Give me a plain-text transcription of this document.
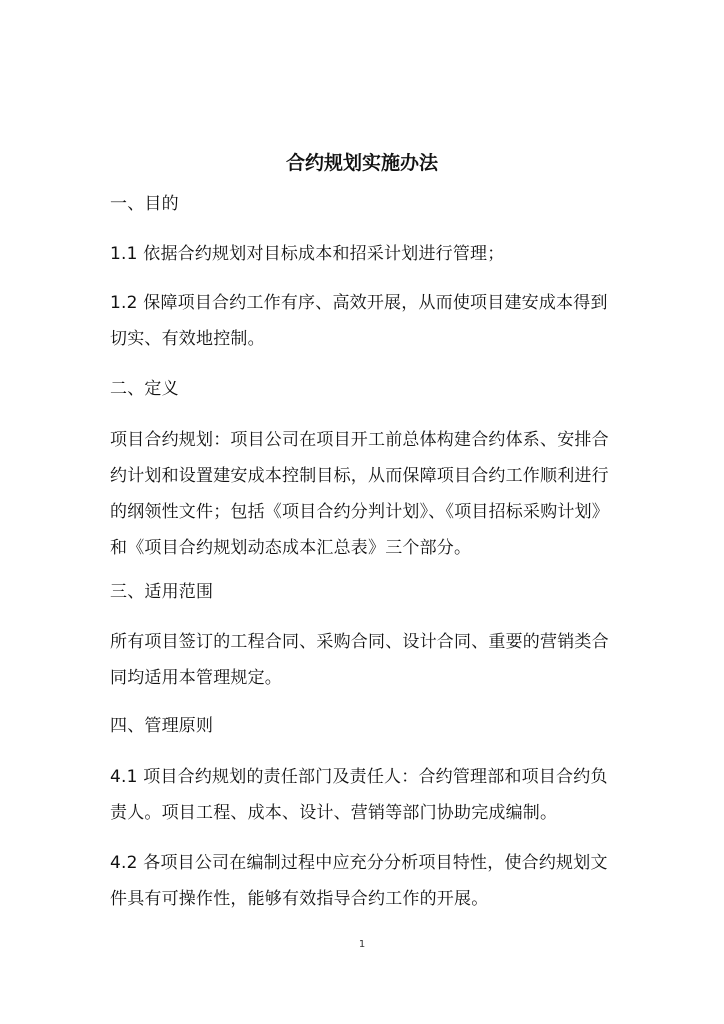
合约规划实施办法

一、目的

1.1 依据合约规划对目标成本和招采计划进行管理；

1.2 保障项目合约工作有序、高效开展，从而使项目建安成本得到切实、有效地控制。

二、定义

项目合约规划：项目公司在项目开工前总体构建合约体系、安排合约计划和设置建安成本控制目标，从而保障项目合约工作顺利进行的纲领性文件；包括《项目合约分判计划》、《项目招标采购计划》和《项目合约规划动态成本汇总表》三个部分。

三、适用范围

所有项目签订的工程合同、采购合同、设计合同、重要的营销类合同均适用本管理规定。

四、管理原则

4.1 项目合约规划的责任部门及责任人：合约管理部和项目合约负责人。项目工程、成本、设计、营销等部门协助完成编制。

4.2 各项目公司在编制过程中应充分分析项目特性，使合约规划文件具有可操作性，能够有效指导合约工作的开展。

1
